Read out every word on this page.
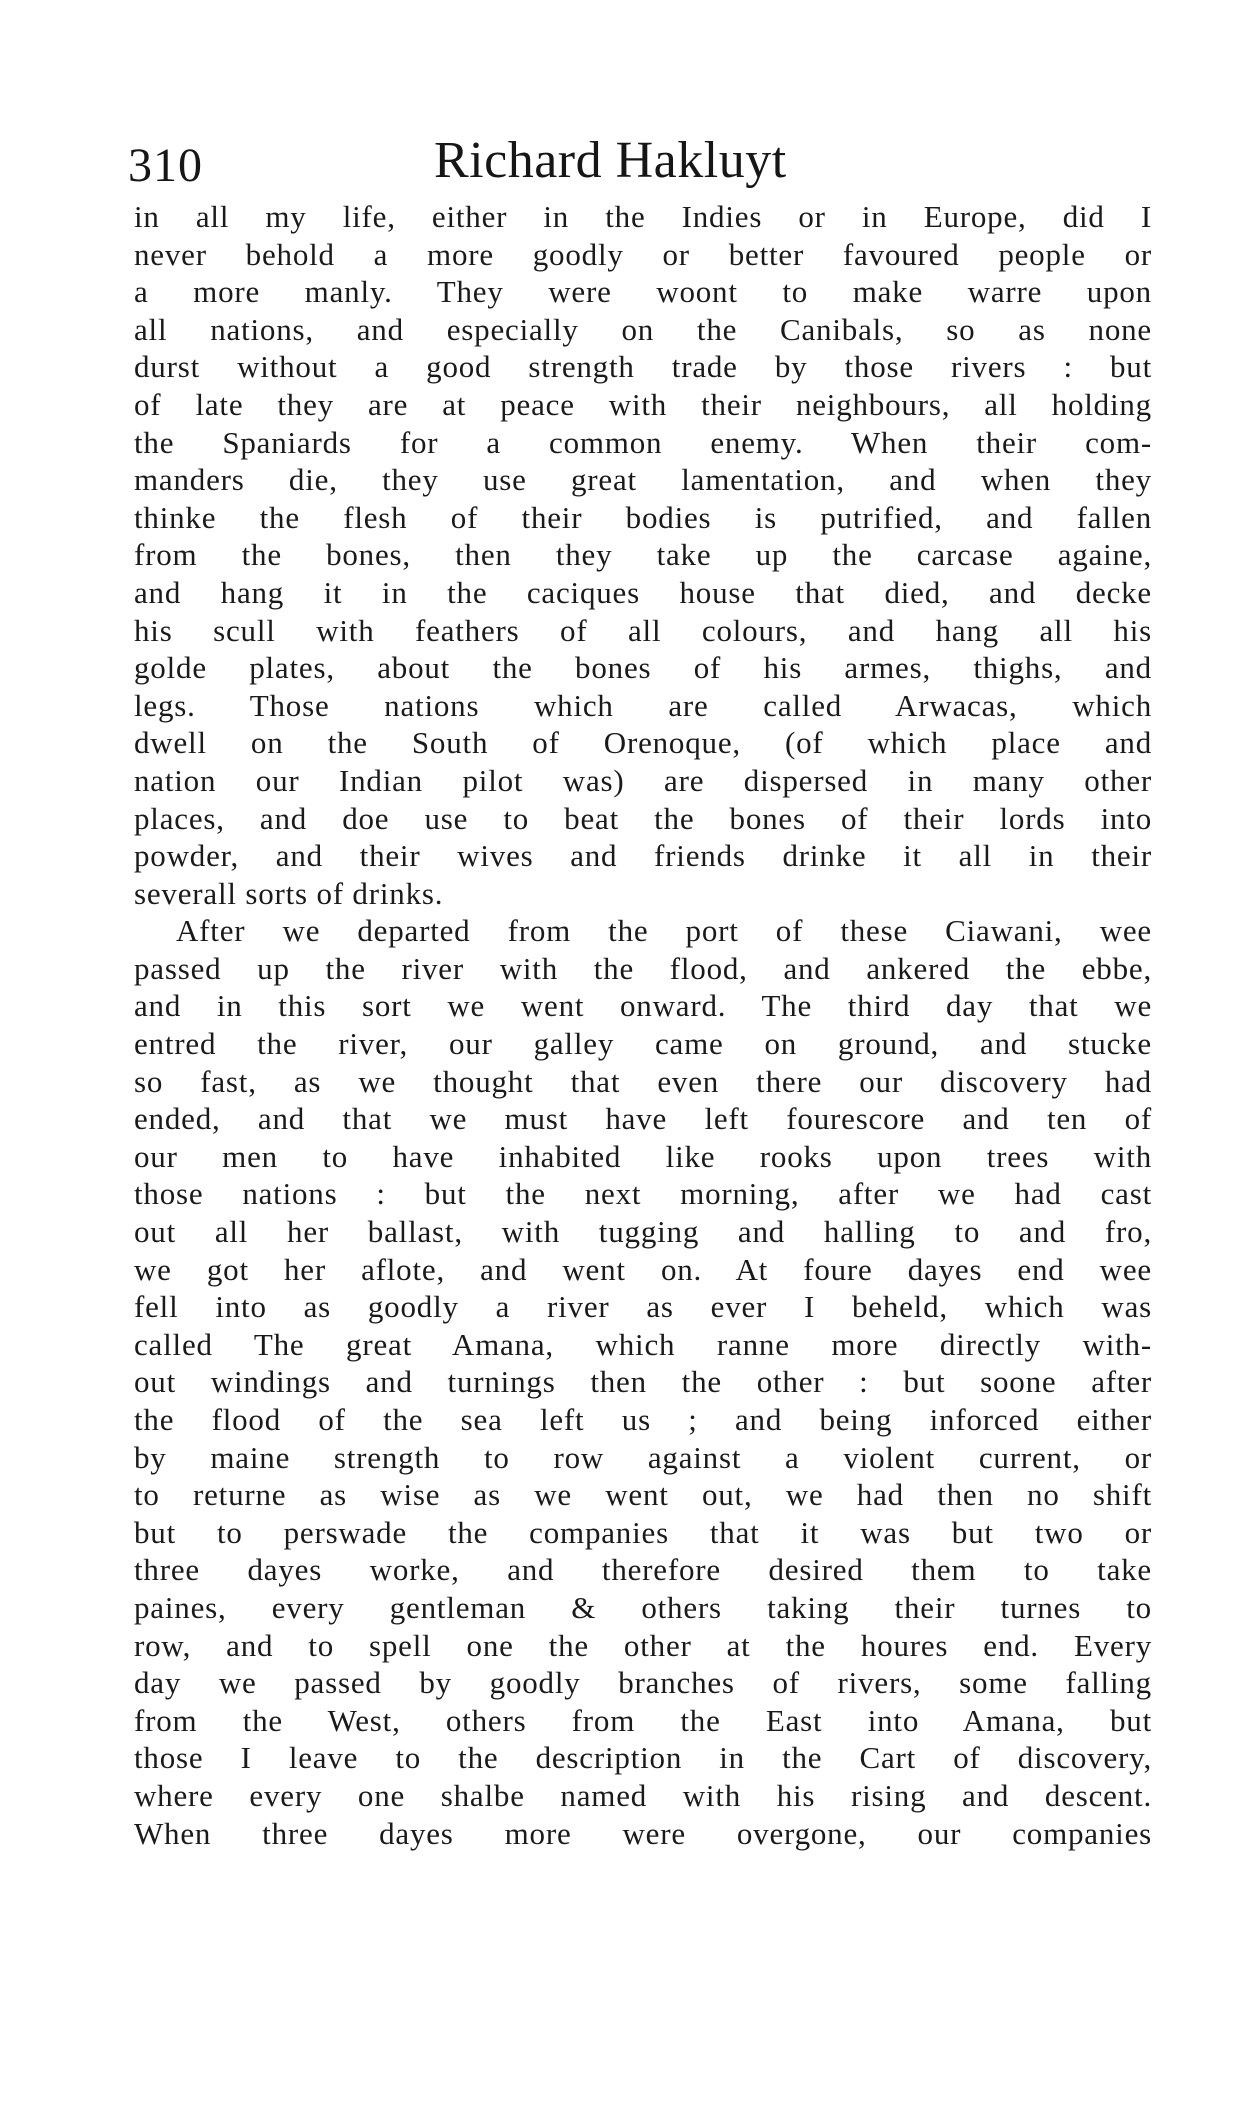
310	Richard Hakluyt
in all my life, either in the Indies or in Europe, did I
never behold a more goodly or better favoured people or
a more manly. They were woont to make warre upon
all nations, and especially on the Canibals, so as none
durst without a good strength trade by those rivers : but
of late they are at peace with their neighbours, all holding
the Spaniards for a common enemy. When their com-
manders die, they use great lamentation, and when they
thinke the flesh of their bodies is putrified, and fallen
from the bones, then they take up the carcase againe,
and hang it in the caciques house that died, and decke
his scull with feathers of all colours, and hang all his
golde plates, about the bones of his armes, thighs, and
legs. Those nations which are called Arwacas, which
dwell on the South of Orenoque, (of which place and
nation our Indian pilot was) are dispersed in many other
places, and doe use to beat the bones of their lords into
powder, and their wives and friends drinke it all in their
severall sorts of drinks.
After we departed from the port of these Ciawani, wee
passed up the river with the flood, and ankered the ebbe,
and in this sort we went onward. The third day that we
entred the river, our galley came on ground, and stucke
so fast, as we thought that even there our discovery had
ended, and that we must have left fourescore and ten of
our men to have inhabited like rooks upon trees with
those nations : but the next morning, after we had cast
out all her ballast, with tugging and halling to and fro,
we got her aflote, and went on. At foure dayes end wee
fell into as goodly a river as ever I beheld, which was
called The great Amana, which ranne more directly with-
out windings and turnings then the other : but soone after
the flood of the sea left us ; and being inforced either
by maine strength to row against a violent current, or
to returne as wise as we went out, we had then no shift
but to perswade the companies that it was but two or
three dayes worke, and therefore desired them to take
paines, every gentleman & others taking their turnes to
row, and to spell one the other at the houres end. Every
day we passed by goodly branches of rivers, some falling
from the West, others from the East into Amana, but
those I leave to the description in the Cart of discovery,
where every one shalbe named with his rising and descent.
When three dayes more were overgone, our companies
